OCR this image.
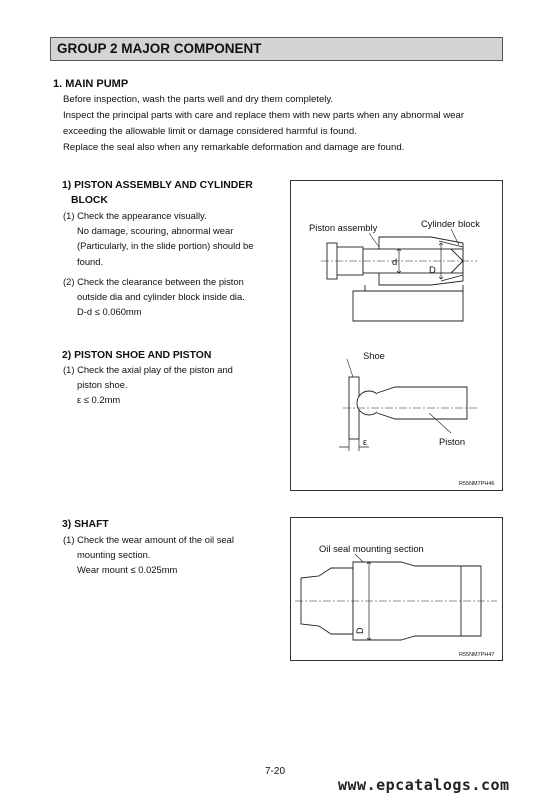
GROUP 2 MAJOR COMPONENT
1. MAIN PUMP
Before inspection, wash the parts well and dry them completely.
Inspect the principal parts with care and replace them with new parts when any abnormal wear
exceeding the allowable limit or damage considered harmful is found.
Replace the seal also when any remarkable deformation and damage are found.
1) PISTON ASSEMBLY AND CYLINDER
BLOCK
(1) Check the appearance visually.
No damage, scouring, abnormal wear
(Particularly, in the slide portion) should be
found.
(2) Check the clearance between the piston
outside dia and cylinder block inside dia.
D-d ≤ 0.060mm
2) PISTON SHOE AND PISTON
(1) Check the axial play of the piston and
piston shoe.
ε ≤ 0.2mm
Piston assembly	Cylinder block
d
D
Shoe
Piston
ε
R55NM7PH46
3) SHAFT
(1) Check the wear amount of the oil seal
mounting section.
Wear mount ≤ 0.025mm
Oil seal mounting section
D
R55NM7PH47
7-20
www.epcatalogs.com
